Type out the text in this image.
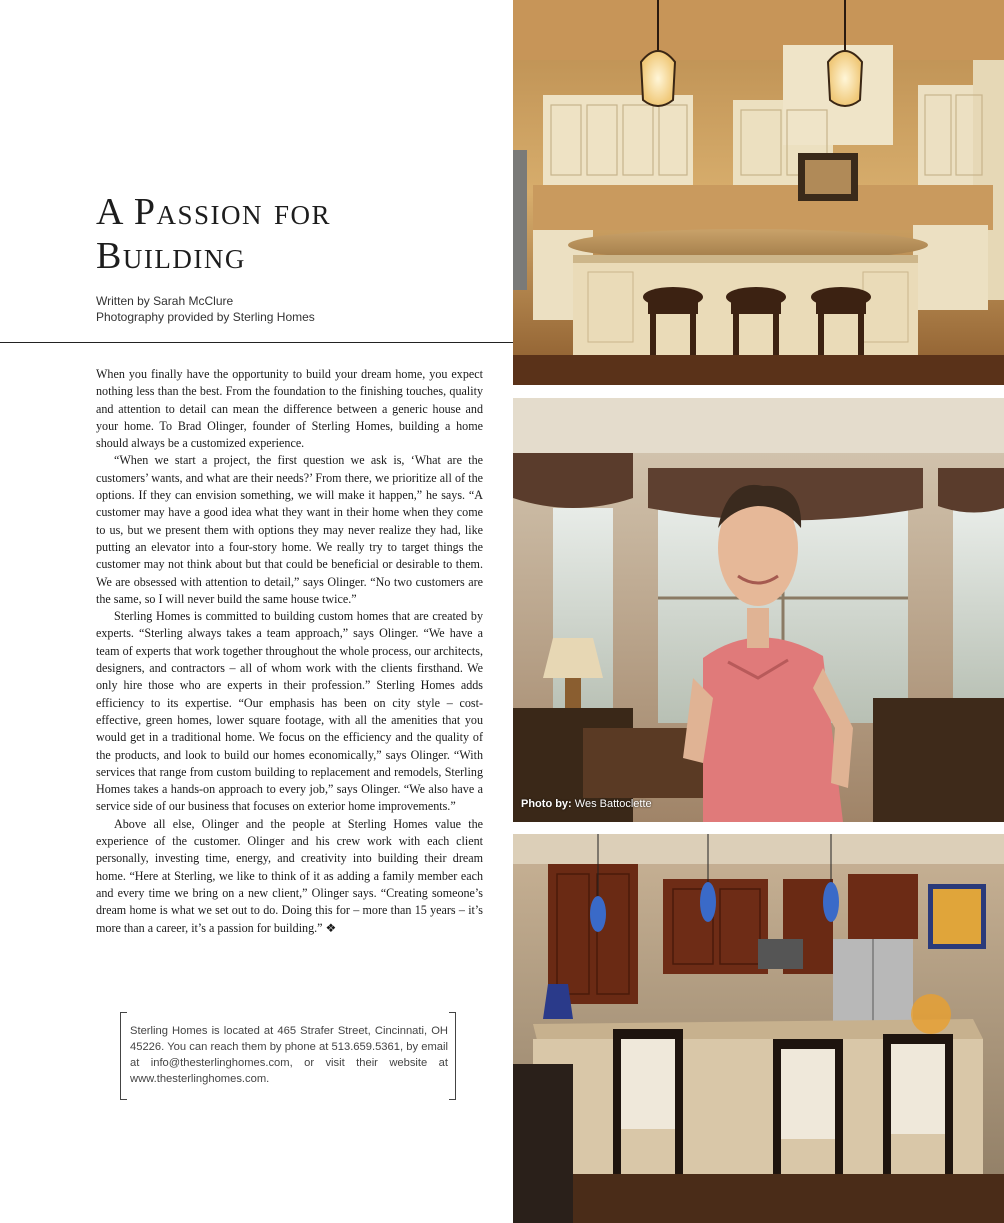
A Passion for
Building
Written by Sarah McClure
Photography provided by Sterling Homes

When you finally have the opportunity to build your dream home, you expect nothing less than the best. From the foundation to the finishing touches, quality and attention to detail can mean the difference between a generic house and your home. To Brad Olinger, founder of Sterling Homes, building a home should always be a customized experience.

“When we start a project, the first question we ask is, ‘What are the customers’ wants, and what are their needs?’ From there, we prioritize all of the options. If they can envision something, we will make it happen,” he says. “A customer may have a good idea what they want in their home when they come to us, but we present them with options they may never realize they had, like putting an elevator into a four-story home. We really try to target things the customer may not think about but that could be beneficial or desirable to them. We are obsessed with attention to detail,” says Olinger. “No two customers are the same, so I will never build the same house twice.”

Sterling Homes is committed to building custom homes that are created by experts. “Sterling always takes a team approach,” says Olinger. “We have a team of experts that work together throughout the whole process, our architects, designers, and contractors – all of whom work with the clients firsthand. We only hire those who are experts in their profession.” Sterling Homes adds efficiency to its expertise. “Our emphasis has been on city style – cost-effective, green homes, lower square footage, with all the amenities that you would get in a traditional home. We focus on the efficiency and the quality of the products, and look to build our homes economically,” says Olinger. “With services that range from custom building to replacement and remodels, Sterling Homes takes a hands-on approach to every job,” says Olinger. “We also have a service side of our business that focuses on exterior home improvements.”

Above all else, Olinger and the people at Sterling Homes value the experience of the customer. Olinger and his crew work with each client personally, investing time, energy, and creativity into building their dream home. “Here at Sterling, we like to think of it as adding a family member each and every time we bring on a new client,” Olinger says. “Creating someone’s dream home is what we set out to do. Doing this for – more than 15 years – it’s more than a career, it’s a passion for building.” ❖

Sterling Homes is located at 465 Strafer Street, Cincinnati, OH 45226. You can reach them by phone at 513.659.5361, by email at info@thesterlinghomes.com, or visit their website at www.thesterlinghomes.com.
Photo by: Wes Battoclette
